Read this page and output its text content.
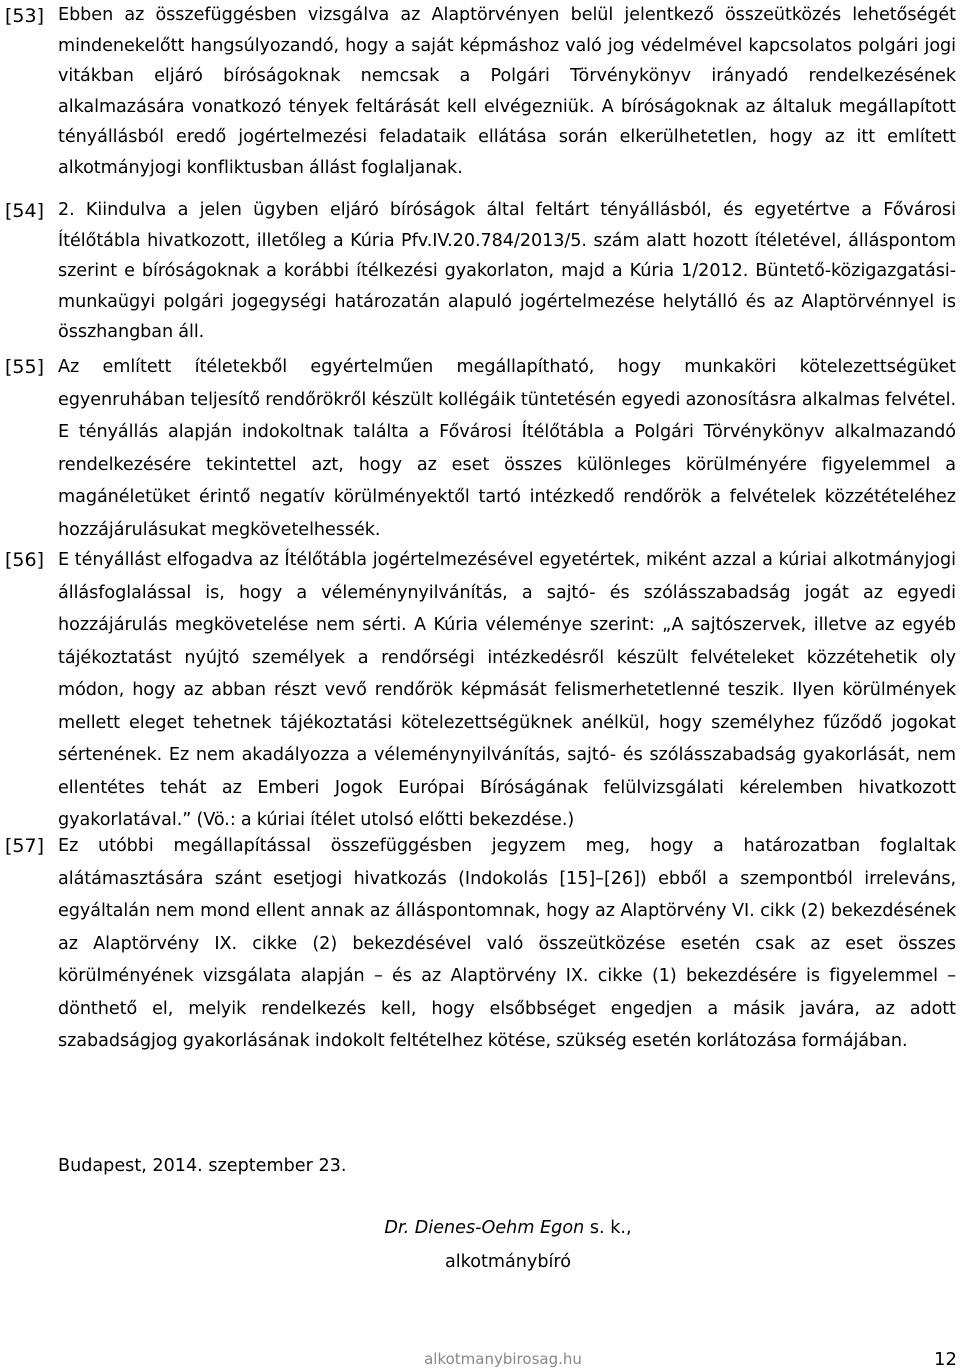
[53] Ebben az összefüggésben vizsgálva az Alaptörvényen belül jelentkező összeütközés lehetőségét mindenekelőtt hangsúlyozandó, hogy a saját képmáshoz való jog védelmével kapcsolatos polgári jogi vitákban eljáró bíróságoknak nemcsak a Polgári Törvénykönyv irányadó rendelkezésének alkalmazására vonatkozó tények feltárását kell elvégezniük. A bíróságoknak az általuk megállapított tényállásból eredő jogértelmezési feladataik ellátása során elkerülhetetlen, hogy az itt említett alkotmányjogi konfliktusban állást foglaljanak.
[54] 2. Kiindulva a jelen ügyben eljáró bíróságok által feltárt tényállásból, és egyetértve a Fővárosi Ítélőtábla hivatkozott, illetőleg a Kúria Pfv.IV.20.784/2013/5. szám alatt hozott ítéletével, álláspontom szerint e bíróságoknak a korábbi ítélkezési gyakorlaton, majd a Kúria 1/2012. Büntető-közigazgatási-munkaügyi polgári jogegységi határozatán alapuló jogértelmezése helytálló és az Alaptörvénnyel is összhangban áll.
[55] Az említett ítéletekből egyértelműen megállapítható, hogy munkaköri kötelezettségüket egyenruhában teljesítő rendőrökről készült kollégáik tüntetésén egyedi azonosításra alkalmas felvétel. E tényállás alapján indokoltnak találta a Fővárosi Ítélőtábla a Polgári Törvénykönyv alkalmazandó rendelkezésére tekintettel azt, hogy az eset összes különleges körülményére figyelemmel a magánéletüket érintő negatív körülményektől tartó intézkedő rendőrök a felvételek közzétételéhez hozzájárulásukat megkövetelhessék.
[56] E tényállást elfogadva az Ítélőtábla jogértelmezésével egyetértek, miként azzal a kúriai alkotmányjogi állásfoglalással is, hogy a véleménynyilvánítás, a sajtó- és szólásszabadság jogát az egyedi hozzájárulás megkövetelése nem sérti. A Kúria véleménye szerint: „A sajtószervek, illetve az egyéb tájékoztatást nyújtó személyek a rendőrségi intézkedésről készült felvételeket közzétehetik oly módon, hogy az abban részt vevő rendőrök képmását felismerhetetlenné teszik. Ilyen körülmények mellett eleget tehetnek tájékoztatási kötelezettségüknek anélkül, hogy személyhez fűződő jogokat sértenének. Ez nem akadályozza a véleménynyilvánítás, sajtó- és szólásszabadság gyakorlását, nem ellentétes tehát az Emberi Jogok Európai Bíróságának felülvizsgálati kérelemben hivatkozott gyakorlatával.” (Vö.: a kúriai ítélet utolsó előtti bekezdése.)
[57] Ez utóbbi megállapítással összefüggésben jegyzem meg, hogy a határozatban foglaltak alátámasztására szánt esetjogi hivatkozás (Indokolás [15]–[26]) ebből a szempontból irreleváns, egyáltalán nem mond ellent annak az álláspontomnak, hogy az Alaptörvény VI. cikk (2) bekezdésének az Alaptörvény IX. cikke (2) bekezdésével való összeütközése esetén csak az eset összes körülményének vizsgálata alapján – és az Alaptörvény IX. cikke (1) bekezdésére is figyelemmel – dönthető el, melyik rendelkezés kell, hogy elsőbbséget engedjen a másik javára, az adott szabadságjog gyakorlásának indokolt feltételhez kötése, szükség esetén korlátozása formájában.
Budapest, 2014. szeptember 23.
Dr. Dienes-Oehm Egon s. k.,
alkotmánybíró
alkotmanybirosag.hu	12
